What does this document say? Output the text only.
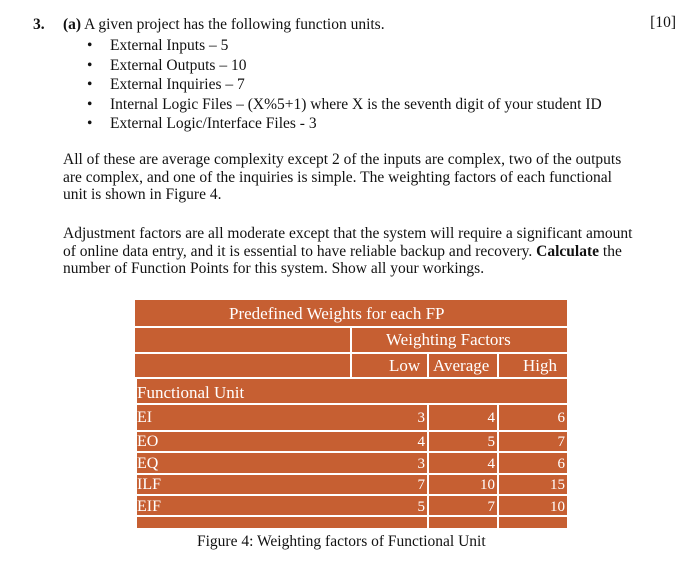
3. (a) A given project has the following function units.	[10]
• External Inputs – 5
• External Outputs – 10
• External Inquiries – 7
• Internal Logic Files – (X%5+1) where X is the seventh digit of your student ID
• External Logic/Interface Files - 3
All of these are average complexity except 2 of the inputs are complex, two of the outputs
are complex, and one of the inquiries is simple. The weighting factors of each functional
unit is shown in Figure 4.
Adjustment factors are all moderate except that the system will require a significant amount
of online data entry, and it is essential to have reliable backup and recovery. Calculate the
number of Function Points for this system. Show all your workings.
Predefined Weights for each FP
Weighting Factors
Low Average High
Functional Unit
EI	3	4	6
EO	4	5	7
EQ	3	4	6
ILF	7	10	15
EIF	5	7	10
Figure 4: Weighting factors of Functional Unit
